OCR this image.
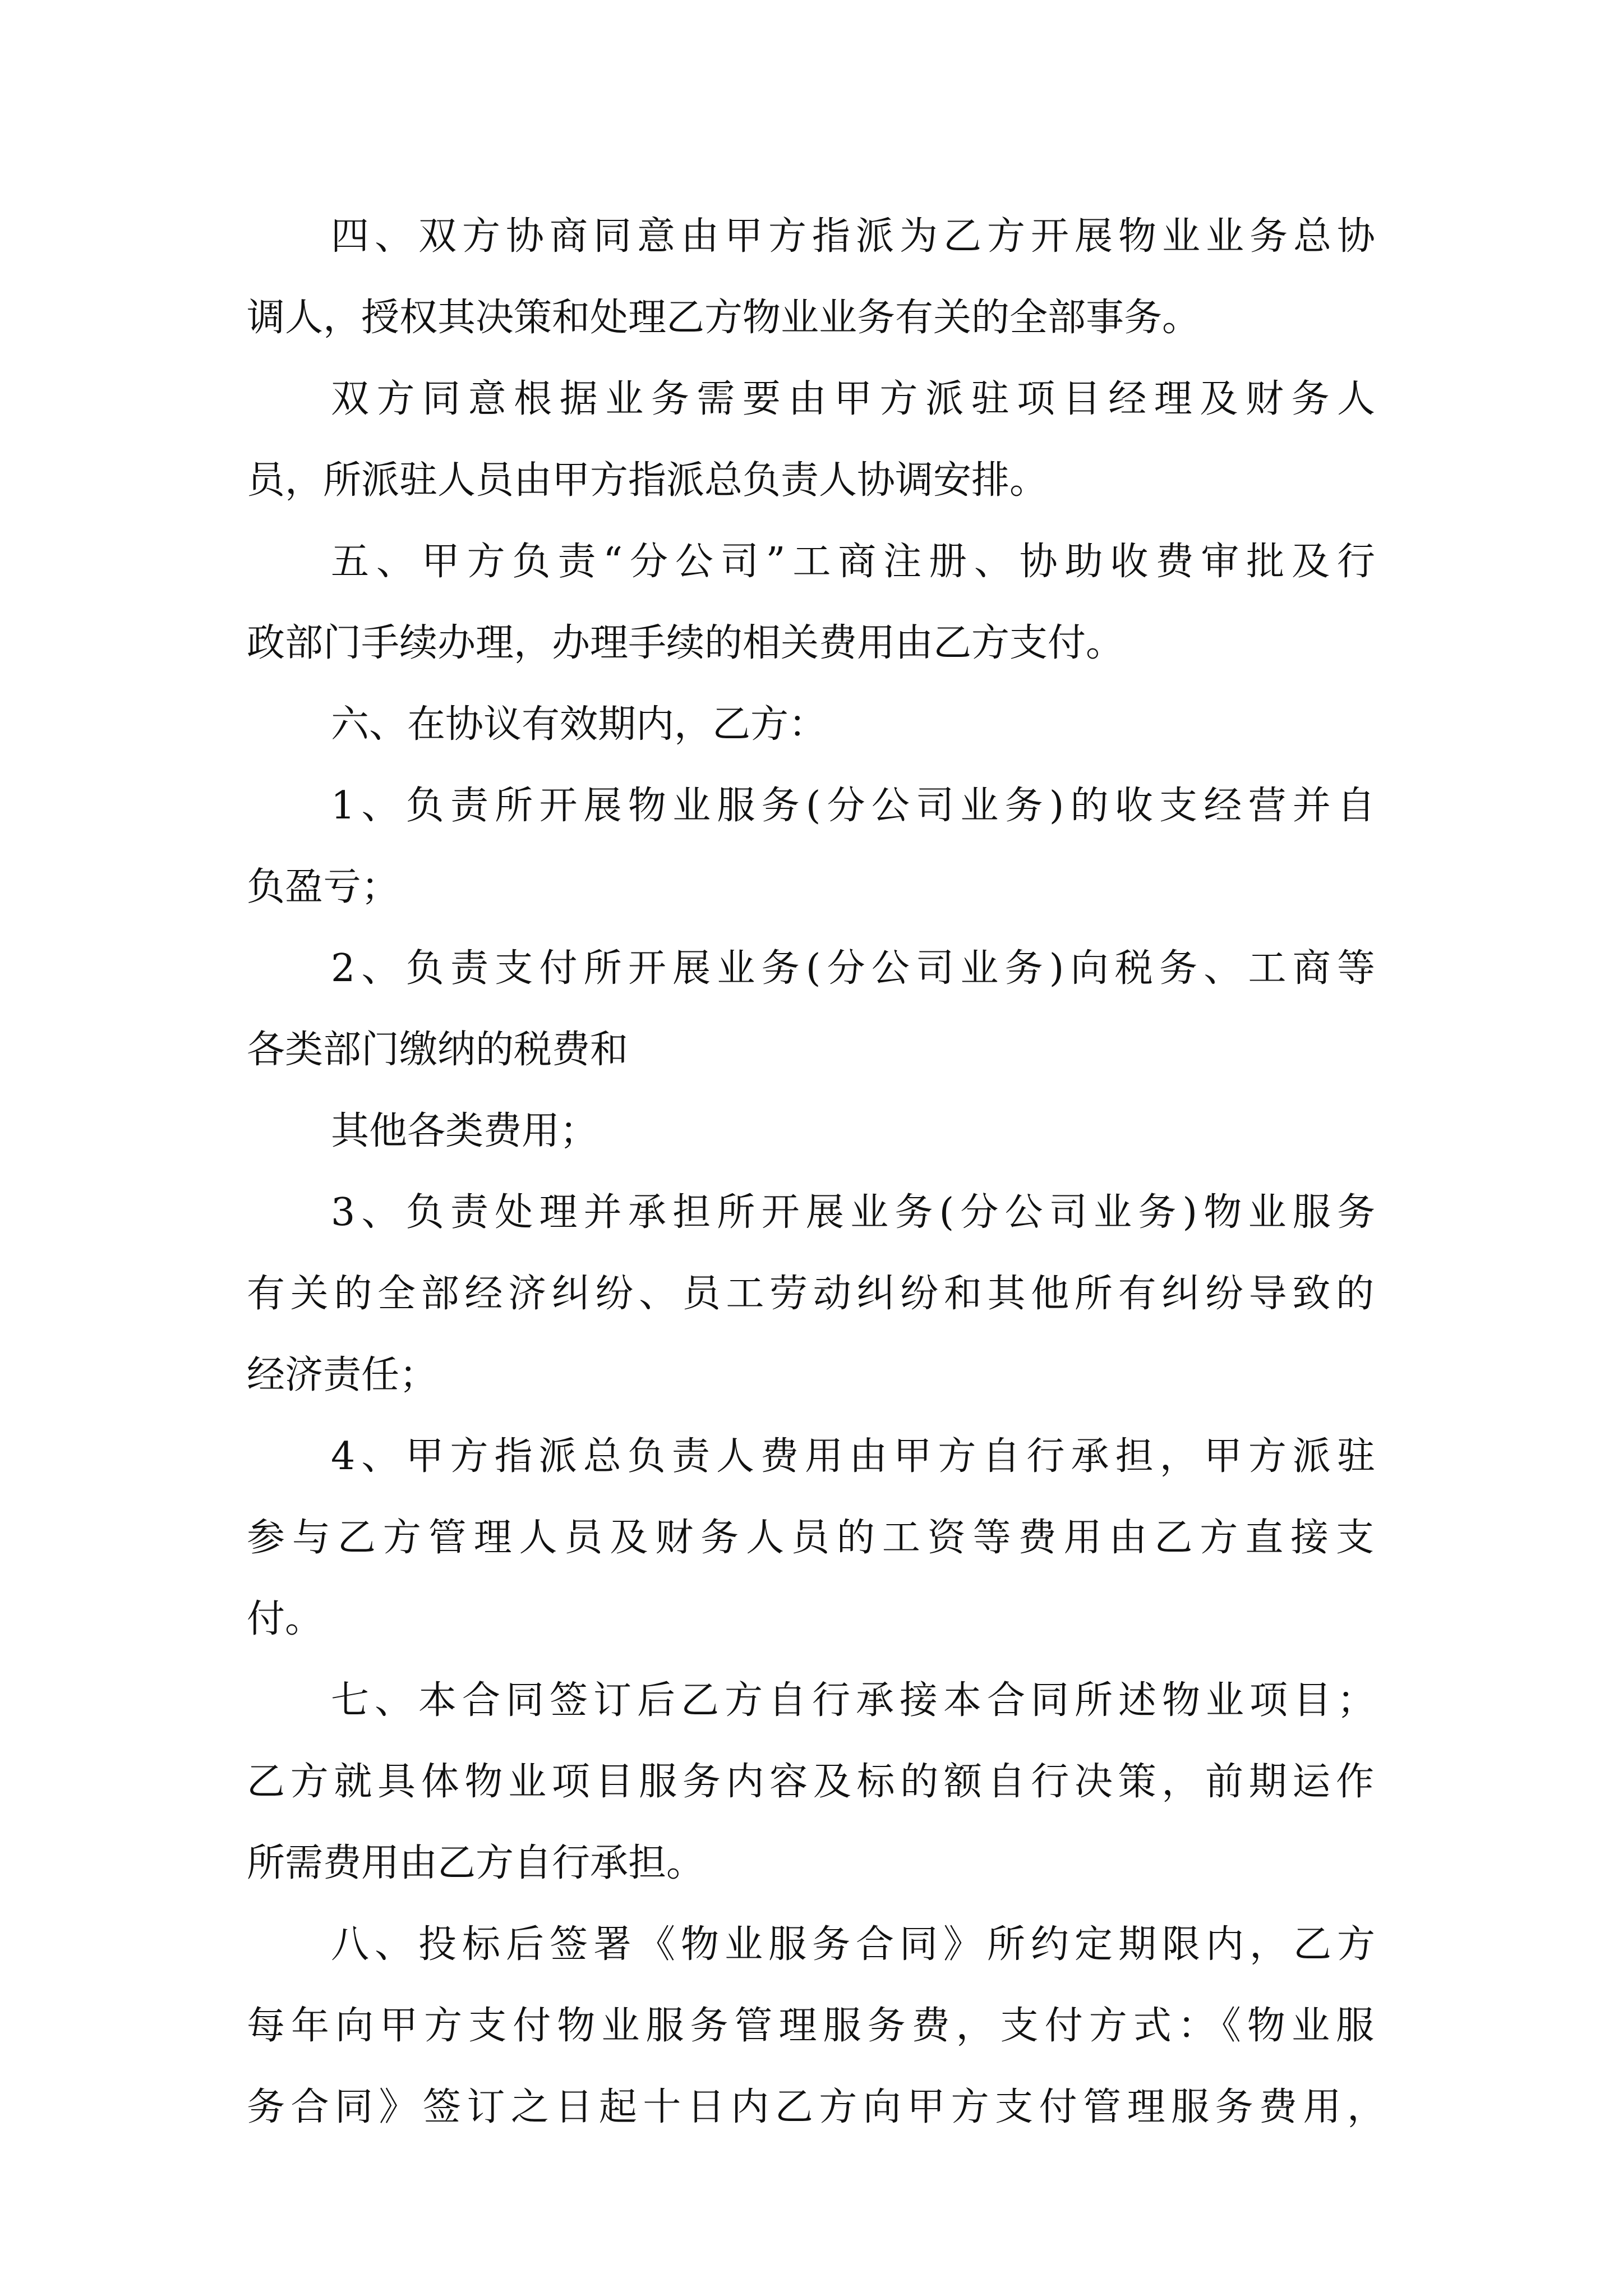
四、双方协商同意由甲方指派为乙方开展物业业务总协
调人，授权其决策和处理乙方物业业务有关的全部事务。
双方同意根据业务需要由甲方派驻项目经理及财务人
员，所派驻人员由甲方指派总负责人协调安排。
五、甲方负责“分公司”工商注册、协助收费审批及行
政部门手续办理，办理手续的相关费用由乙方支付。
六、在协议有效期内，乙方：
1、负责所开展物业服务(分公司业务)的收支经营并自
负盈亏；
2、负责支付所开展业务(分公司业务)向税务、工商等
各类部门缴纳的税费和
其他各类费用；
3、负责处理并承担所开展业务(分公司业务)物业服务
有关的全部经济纠纷、员工劳动纠纷和其他所有纠纷导致的
经济责任；
4、甲方指派总负责人费用由甲方自行承担，甲方派驻
参与乙方管理人员及财务人员的工资等费用由乙方直接支
付。
七、本合同签订后乙方自行承接本合同所述物业项目；
乙方就具体物业项目服务内容及标的额自行决策，前期运作
所需费用由乙方自行承担。
八、投标后签署《物业服务合同》所约定期限内，乙方
每年向甲方支付物业服务管理服务费，支付方式：《物业服
务合同》签订之日起十日内乙方向甲方支付管理服务费用，
